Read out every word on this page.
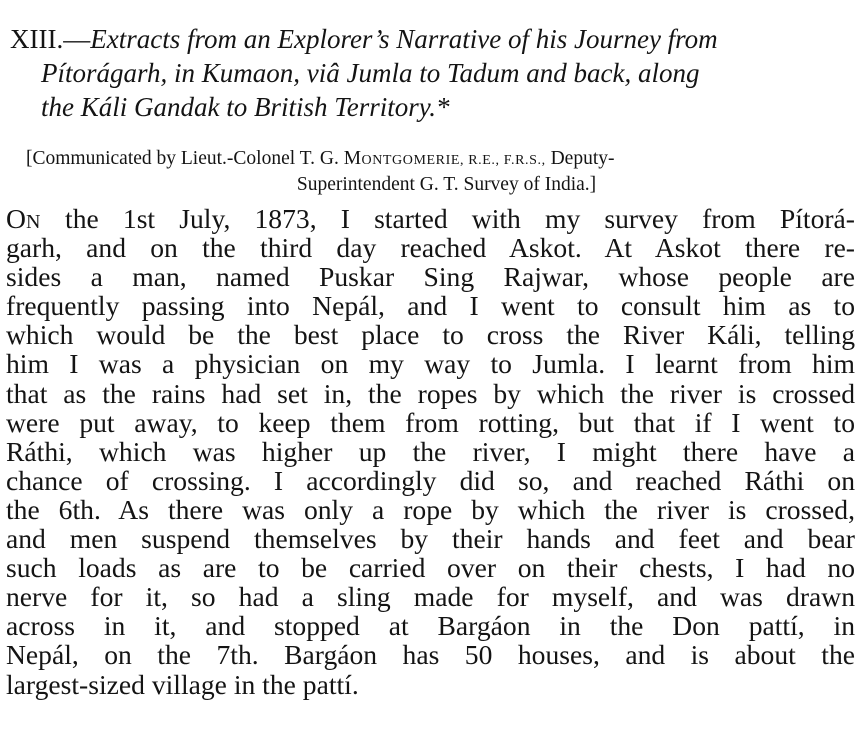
XIII.—Extracts from an Explorer’s Narrative of his Journey from
Pítorágarh, in Kumaon, viâ Jumla to Tadum and back, along
the Káli Gandak to British Territory.*
[Communicated by Lieut.-Colonel T. G. MONTGOMERIE, R.E., F.R.S., Deputy-
Superintendent G. T. Survey of India.]
ON the 1st July, 1873, I started with my survey from Pítorá-
garh, and on the third day reached Askot. At Askot there re-
sides a man, named Puskar Sing Rajwar, whose people are
frequently passing into Nepál, and I went to consult him as to
which would be the best place to cross the River Káli, telling
him I was a physician on my way to Jumla. I learnt from him
that as the rains had set in, the ropes by which the river is crossed
were put away, to keep them from rotting, but that if I went to
Ráthi, which was higher up the river, I might there have a
chance of crossing. I accordingly did so, and reached Ráthi on
the 6th. As there was only a rope by which the river is crossed,
and men suspend themselves by their hands and feet and bear
such loads as are to be carried over on their chests, I had no
nerve for it, so had a sling made for myself, and was drawn
across in it, and stopped at Bargáon in the Don pattí, in
Nepál, on the 7th. Bargáon has 50 houses, and is about the
largest-sized village in the pattí.
